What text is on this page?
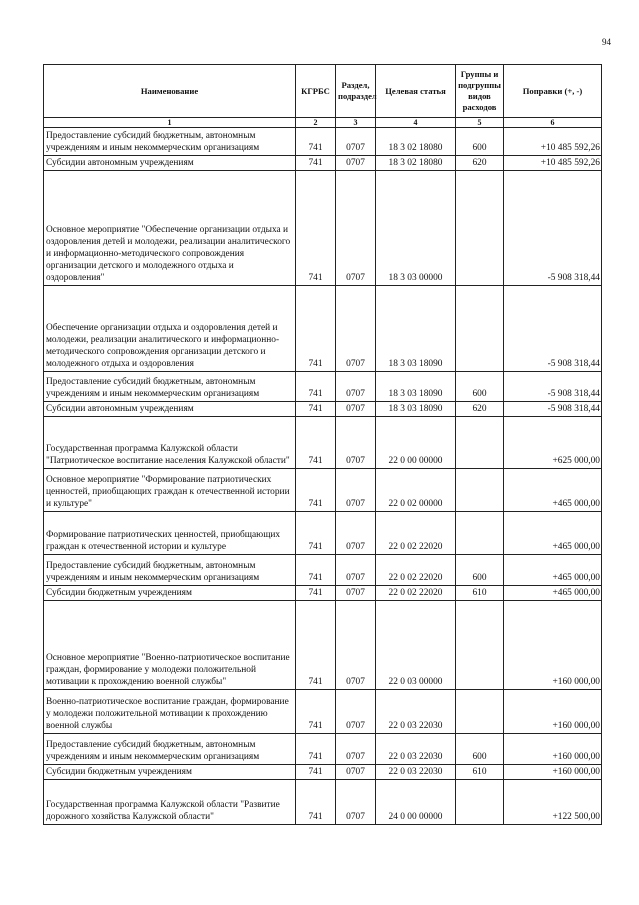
94
Наименование	КГРБС	Раздел, подраздел	Целевая статья	Группы и подгруппы видов расходов	Поправки (+, -)
1	2	3	4	5	6
Предоставление субсидий бюджетным, автономным учреждениям и иным некоммерческим организациям	741	0707	18 3 02 18080	600	+10 485 592,26
Субсидии автономным учреждениям	741	0707	18 3 02 18080	620	+10 485 592,26
Основное мероприятие "Обеспечение организации отдыха и оздоровления детей и молодежи, реализации аналитического и информационно-методического сопровождения организации детского и молодежного отдыха и оздоровления"	741	0707	18 3 03 00000		-5 908 318,44
Обеспечение организации отдыха и оздоровления детей и молодежи, реализации аналитического и информационно-методического сопровождения организации детского и молодежного отдыха и оздоровления	741	0707	18 3 03 18090		-5 908 318,44
Предоставление субсидий бюджетным, автономным учреждениям и иным некоммерческим организациям	741	0707	18 3 03 18090	600	-5 908 318,44
Субсидии автономным учреждениям	741	0707	18 3 03 18090	620	-5 908 318,44
Государственная программа Калужской области "Патриотическое воспитание населения Калужской области"	741	0707	22 0 00 00000		+625 000,00
Основное мероприятие "Формирование патриотических ценностей, приобщающих граждан к отечественной истории и культуре"	741	0707	22 0 02 00000		+465 000,00
Формирование патриотических ценностей, приобщающих граждан к отечественной истории и культуре	741	0707	22 0 02 22020		+465 000,00
Предоставление субсидий бюджетным, автономным учреждениям и иным некоммерческим организациям	741	0707	22 0 02 22020	600	+465 000,00
Субсидии бюджетным учреждениям	741	0707	22 0 02 22020	610	+465 000,00
Основное мероприятие "Военно-патриотическое воспитание граждан, формирование у молодежи положительной мотивации к прохождению военной службы"	741	0707	22 0 03 00000		+160 000,00
Военно-патриотическое воспитание граждан, формирование у молодежи положительной мотивации к прохождению военной службы	741	0707	22 0 03 22030		+160 000,00
Предоставление субсидий бюджетным, автономным учреждениям и иным некоммерческим организациям	741	0707	22 0 03 22030	600	+160 000,00
Субсидии бюджетным учреждениям	741	0707	22 0 03 22030	610	+160 000,00
Государственная программа Калужской области "Развитие дорожного хозяйства Калужской области"	741	0707	24 0 00 00000		+122 500,00
